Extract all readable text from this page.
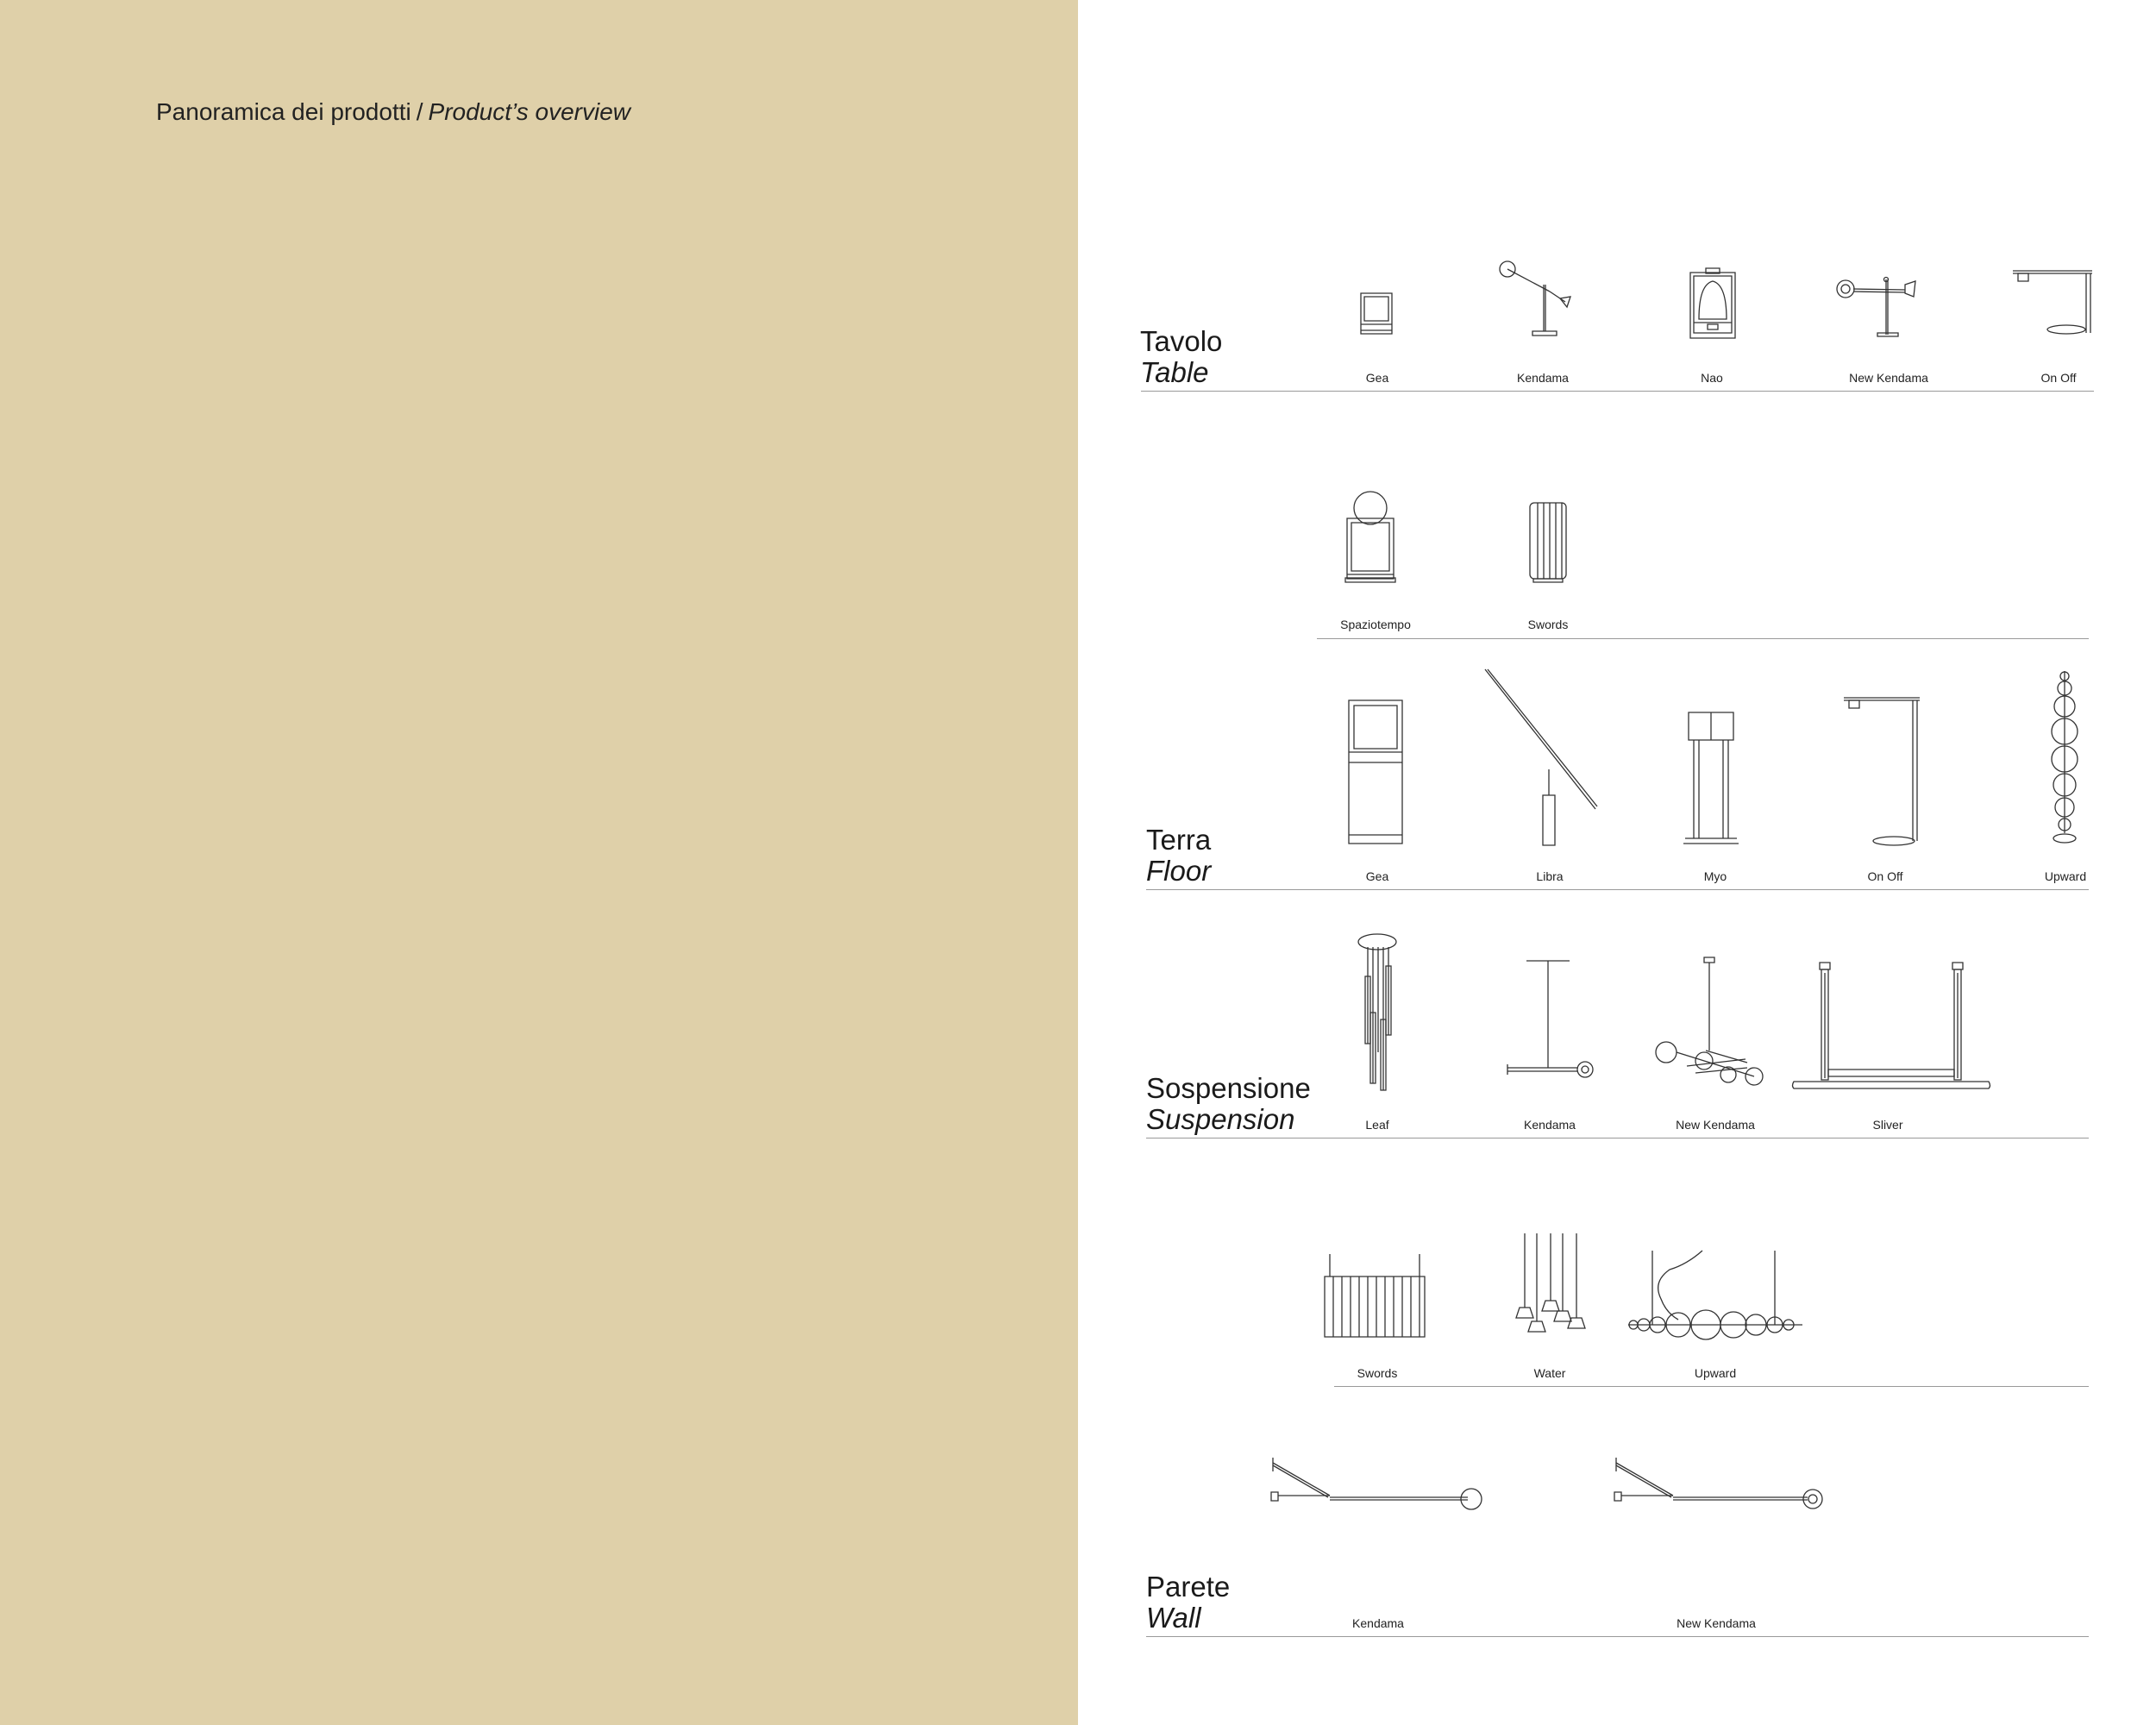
Panoramica dei prodotti / Product’s overview
Tavolo
Table	Gea	Kendama	Nao	New Kendama	On Off
Spaziotempo	Swords
Terra
Floor	Gea	Libra	Myo	On Off	Upward
Sospensione
Suspension	Leaf	Kendama	New Kendama	Sliver
Swords	Water	Upward
Parete
Wall	Kendama	New Kendama
